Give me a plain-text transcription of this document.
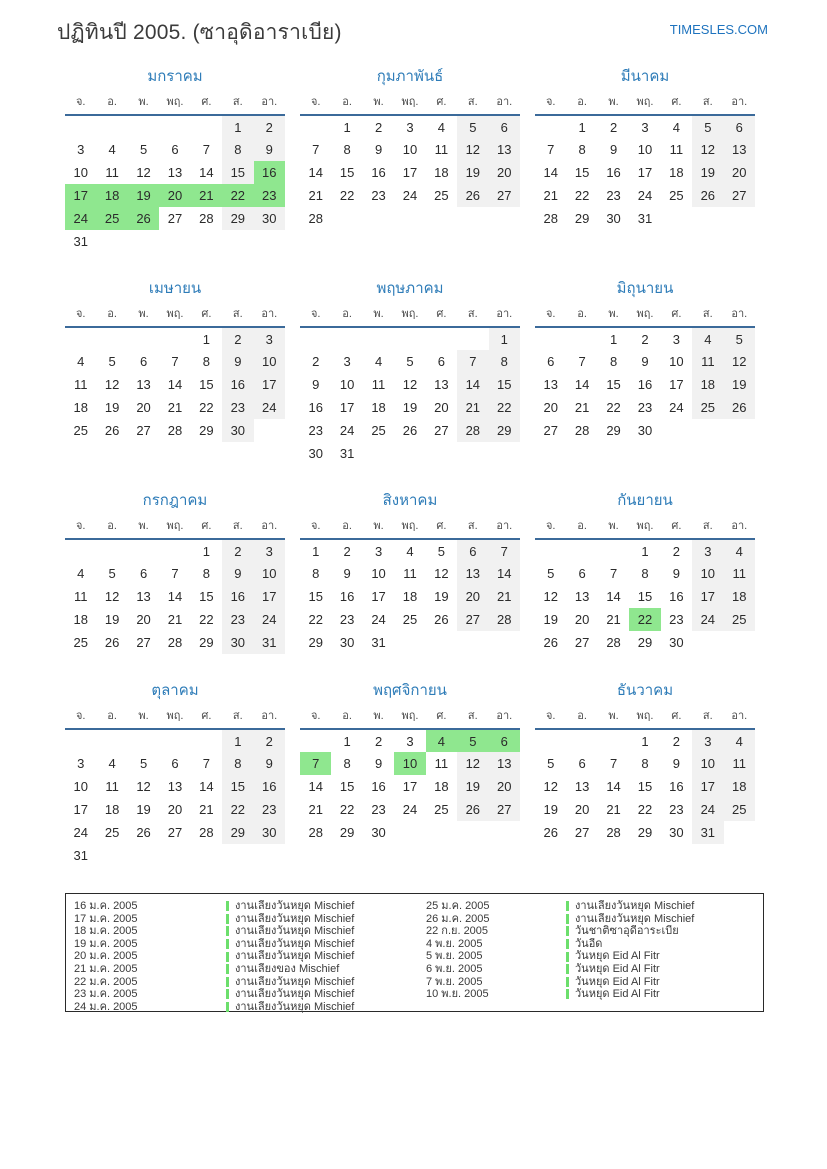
ปฏิทินปี 2005. (ซาอุดิอาราเบีย)	TIMESLES.COM
มกราคม
จ.	อ.	พ.	พฤ.	ศ.	ส.	อา.
					1	2
3	4	5	6	7	8	9
10	11	12	13	14	15	16
17	18	19	20	21	22	23
24	25	26	27	28	29	30
31						
กุมภาพันธ์
จ.	อ.	พ.	พฤ.	ศ.	ส.	อา.
	1	2	3	4	5	6
7	8	9	10	11	12	13
14	15	16	17	18	19	20
21	22	23	24	25	26	27
28						
มีนาคม
จ.	อ.	พ.	พฤ.	ศ.	ส.	อา.
	1	2	3	4	5	6
7	8	9	10	11	12	13
14	15	16	17	18	19	20
21	22	23	24	25	26	27
28	29	30	31			
เมษายน
จ.	อ.	พ.	พฤ.	ศ.	ส.	อา.
				1	2	3
4	5	6	7	8	9	10
11	12	13	14	15	16	17
18	19	20	21	22	23	24
25	26	27	28	29	30	
พฤษภาคม
จ.	อ.	พ.	พฤ.	ศ.	ส.	อา.
						1
2	3	4	5	6	7	8
9	10	11	12	13	14	15
16	17	18	19	20	21	22
23	24	25	26	27	28	29
30	31					
มิถุนายน
จ.	อ.	พ.	พฤ.	ศ.	ส.	อา.
		1	2	3	4	5
6	7	8	9	10	11	12
13	14	15	16	17	18	19
20	21	22	23	24	25	26
27	28	29	30			
กรกฎาคม
จ.	อ.	พ.	พฤ.	ศ.	ส.	อา.
				1	2	3
4	5	6	7	8	9	10
11	12	13	14	15	16	17
18	19	20	21	22	23	24
25	26	27	28	29	30	31
สิงหาคม
จ.	อ.	พ.	พฤ.	ศ.	ส.	อา.
1	2	3	4	5	6	7
8	9	10	11	12	13	14
15	16	17	18	19	20	21
22	23	24	25	26	27	28
29	30	31				
กันยายน
จ.	อ.	พ.	พฤ.	ศ.	ส.	อา.
			1	2	3	4
5	6	7	8	9	10	11
12	13	14	15	16	17	18
19	20	21	22	23	24	25
26	27	28	29	30		
ตุลาคม
จ.	อ.	พ.	พฤ.	ศ.	ส.	อา.
					1	2
3	4	5	6	7	8	9
10	11	12	13	14	15	16
17	18	19	20	21	22	23
24	25	26	27	28	29	30
31						
พฤศจิกายน
จ.	อ.	พ.	พฤ.	ศ.	ส.	อา.
	1	2	3	4	5	6
7	8	9	10	11	12	13
14	15	16	17	18	19	20
21	22	23	24	25	26	27
28	29	30				
ธันวาคม
จ.	อ.	พ.	พฤ.	ศ.	ส.	อา.
			1	2	3	4
5	6	7	8	9	10	11
12	13	14	15	16	17	18
19	20	21	22	23	24	25
26	27	28	29	30	31	
16 ม.ค. 2005	งานเลี้ยงวันหยุด Mischief	25 ม.ค. 2005	งานเลี้ยงวันหยุด Mischief
17 ม.ค. 2005	งานเลี้ยงวันหยุด Mischief	26 ม.ค. 2005	งานเลี้ยงวันหยุด Mischief
18 ม.ค. 2005	งานเลี้ยงวันหยุด Mischief	22 ก.ย. 2005	วันชาติซาอุดีอาระเบีย
19 ม.ค. 2005	งานเลี้ยงวันหยุด Mischief	4 พ.ย. 2005	วันอีด
20 ม.ค. 2005	งานเลี้ยงวันหยุด Mischief	5 พ.ย. 2005	วันหยุด Eid Al Fitr
21 ม.ค. 2005	งานเลี้ยงของ Mischief	6 พ.ย. 2005	วันหยุด Eid Al Fitr
22 ม.ค. 2005	งานเลี้ยงวันหยุด Mischief	7 พ.ย. 2005	วันหยุด Eid Al Fitr
23 ม.ค. 2005	งานเลี้ยงวันหยุด Mischief	10 พ.ย. 2005	วันหยุด Eid Al Fitr
24 ม.ค. 2005	งานเลี้ยงวันหยุด Mischief
